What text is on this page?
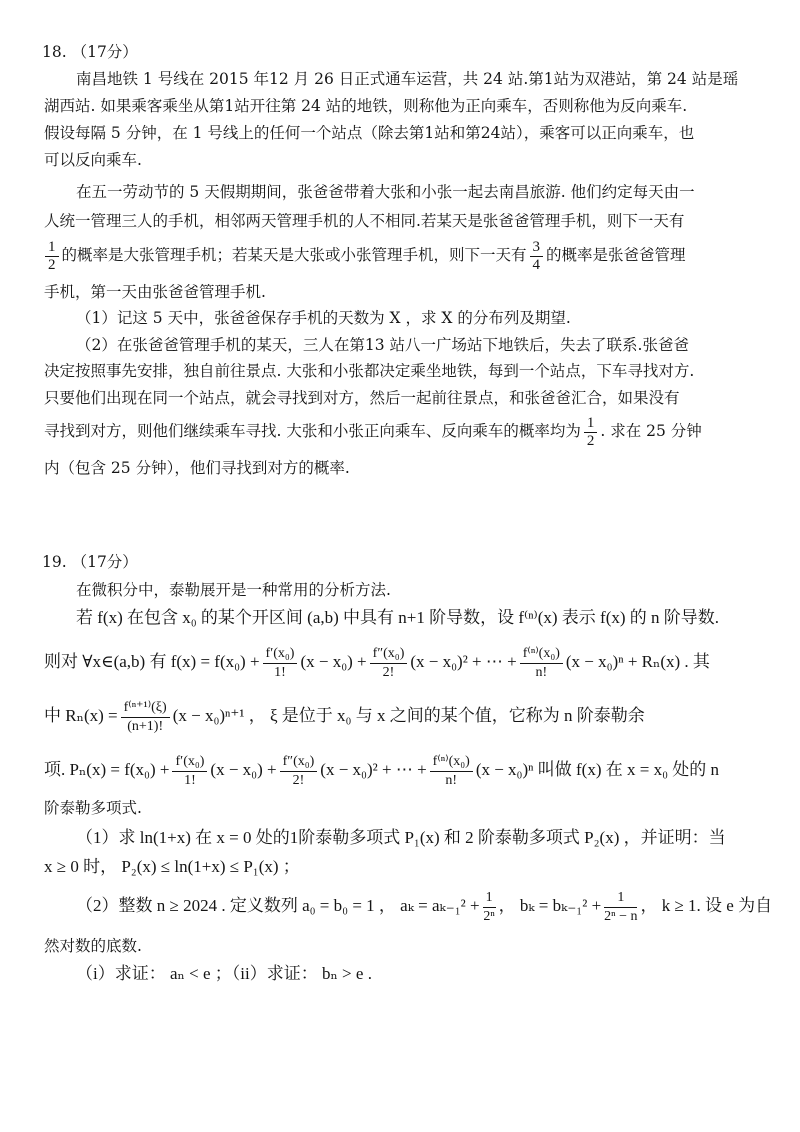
18. （17分）
南昌地铁 1 号线在 2015 年12 月 26 日正式通车运营，共 24 站.第1站为双港站，第 24 站是瑶
湖西站. 如果乘客乘坐从第1站开往第 24 站的地铁，则称他为正向乘车，否则称他为反向乘车.
假设每隔 5 分钟，在 1 号线上的任何一个站点（除去第1站和第24站），乘客可以正向乘车，也
可以反向乘车.
在五一劳动节的 5 天假期期间，张爸爸带着大张和小张一起去南昌旅游. 他们约定每天由一
人统一管理三人的手机，相邻两天管理手机的人不相同.若某天是张爸爸管理手机，则下一天有
$\frac{1}{2}$ 的概率是大张管理手机；若某天是大张或小张管理手机，则下一天有 $\frac{3}{4}$ 的概率是张爸爸管理
手机，第一天由张爸爸管理手机.
（1）记这 5 天中，张爸爸保存手机的天数为 X ，求 X 的分布列及期望.
（2）在张爸爸管理手机的某天，三人在第13 站八一广场站下地铁后，失去了联系.张爸爸
决定按照事先安排，独自前往景点. 大张和小张都决定乘坐地铁，每到一个站点，下车寻找对方.
只要他们出现在同一个站点，就会寻找到对方，然后一起前往景点，和张爸爸汇合，如果没有
寻找到对方，则他们继续乘车寻找. 大张和小张正向乘车、反向乘车的概率均为 $\frac{1}{2}$ . 求在 25 分钟
内（包含 25 分钟），他们寻找到对方的概率.
19. （17分）
在微积分中，泰勒展开是一种常用的分析方法.
若 f(x) 在包含 x₀ 的某个开区间 (a,b) 中具有 n+1 阶导数，设 f⁽ⁿ⁾(x) 表示 f(x) 的 n 阶导数.
则对 ∀x∈(a,b) 有 $f(x) = f(x_0) + \frac{\text{f′(x₀)}}{1!} (x - x_0) + \frac{\text{f″(x₀)}}{2!} (x - x_0)^2$ + ⋯ + $\frac{\text{f⁽ⁿ⁾(x₀)}}{n!} (x - x_0)^n + R_n(x)$ . 其
中 $R_n(x) = \frac{\text{f⁽ⁿ⁺¹⁾(ξ)}}{(n+1)!} (x - x_0)^{n+1}$ ， ξ 是位于 x₀ 与 x 之间的某个值，它称为 n 阶泰勒余
项. $P_n(x) = f(x_0) + \frac{\text{f′(x₀)}}{1!} (x - x_0) + \frac{\text{f″(x₀)}}{2!} (x - x_0)^2$ + ⋯ + $\frac{\text{f⁽ⁿ⁾(x₀)}}{n!} (x - x_0)^n$ 叫做 f(x) 在 x = x₀ 处的 n
阶泰勒多项式.
（1）求 ln(1+x) 在 x = 0 处的1阶泰勒多项式 P₁(x) 和 2 阶泰勒多项式 P₂(x) ，并证明：当
x ≥ 0 时， P₂(x) ≤ ln(1+x) ≤ P₁(x) ；
（2）整数 n ≥ 2024 . 定义数列 a₀ = b₀ = 1 ， $a_k = a_{k-1}^2 + \frac{1}{\text{2ⁿ}}$ ， $b_k = b_{k-1}^2 + \frac{1}{\text{2ⁿ − n}}$ ， k ≥ 1. 设 e 为自
然对数的底数.
（i）求证： aₙ < e ；（ii）求证： bₙ > e .
